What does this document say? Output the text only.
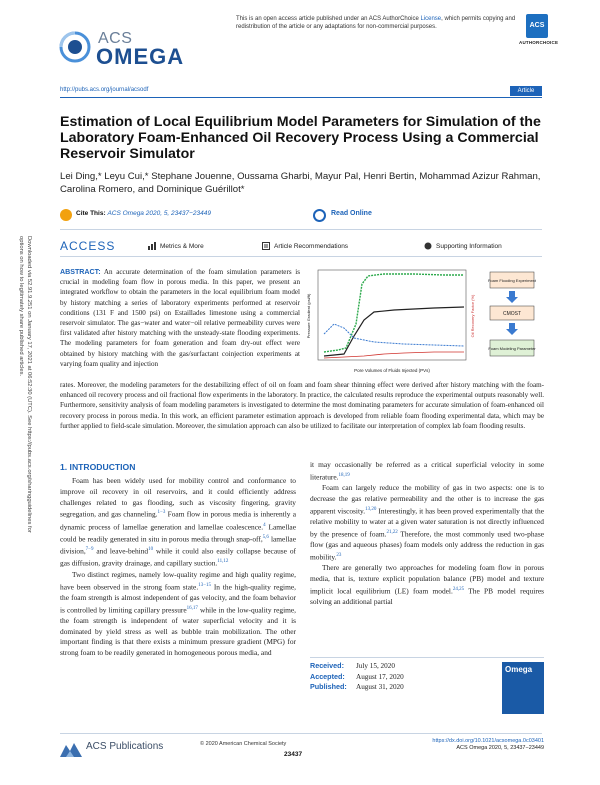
Downloaded via 52.91.9.251 on January 17, 2021 at 06:52:30 (UTC). See https://pubs.acs.org/sharingguidelines for options on how to legitimately share published articles.
ACS
OMEGA
This is an open access article published under an ACS AuthorChoice License, which permits copying and redistribution of the article or any adaptations for non-commercial purposes.	ACS
AUTHORCHOICE
http://pubs.acs.org/journal/acsodf	Article
Estimation of Local Equilibrium Model Parameters for Simulation of the Laboratory Foam-Enhanced Oil Recovery Process Using a Commercial Reservoir Simulator
Lei Ding,* Leyu Cui,* Stephane Jouenne, Oussama Gharbi, Mayur Pal, Henri Bertin, Mohammad Azizur Rahman, Carolina Romero, and Dominique Guérillot*
Cite This: ACS Omega 2020, 5, 23437−23449	Read Online
ACCESS	Metrics & More	Article Recommendations	Supporting Information
ABSTRACT: An accurate determination of the foam simulation parameters is crucial in modeling foam flow in porous media. In this paper, we present an integrated workflow to obtain the parameters in the local equilibrium foam model by history matching a series of laboratory experiments performed at reservoir conditions (131 F and 1500 psi) on Estaillades limestone using a commercial reservoir simulator. The gas−water and water−oil relative permeability curves were first validated after history matching with the unsteady-state flooding experiments. The modeling parameters for foam generation and foam dry-out effect were obtained by history matching with the gas/surfactant coinjection experiments at varying foam quality and injection
rates. Moreover, the modeling parameters for the destabilizing effect of oil on foam and foam shear thinning effect were derived after history matching with the foam-enhanced oil recovery process and oil fractional flow experiments in the laboratory. In practice, the calculated results reproduce the experimental outputs reasonably well. Furthermore, sensitivity analysis of foam modeling parameters is investigated to determine the most dominating parameters for accurate simulation of foam-enhanced oil recovery process in porous media. In this work, an efficient parameter estimation approach is developed from reliable foam flooding experimental data, which may be further applied to field-scale simulation. Moreover, the simulation approach can also be utilized to facilitate our interpretation of complex lab foam flooding results.
Pore Volumes of Fluids Injected (PVs)
Pressure Gradient (psi/ft)	Oil Recovery Factor (%)
Foam Flooding Experiment
CMOST
Foam Modeling Parameter
1. INTRODUCTION

Foam has been widely used for mobility control and conformance to improve oil recovery in oil reservoirs, and it could efficiently address challenges related to gas flooding, such as viscosity fingering, gravity segregation, and gas channeling.$^{1-3}$ Foam flow in porous media is inherently a dynamic process of lamellae generation and lamellae coalescence.$^4$ Lamellae could be readily generated in situ in porous media through snap-off,$^{5,6}$ lamellae division,$^{7-9}$ and leave-behind$^{10}$ while it could also easily collapse because of gas diffusion, gravity drainage, and capillary suction.$^{11,12}$

Two distinct regimes, namely low-quality regime and high quality regime, have been observed in the strong foam state.$^{13-15}$ In the high-quality regime, the foam strength is almost independent of gas velocity, and the foam behavior is controlled by limiting capillary pressure$^{16,17}$ while in the low-quality regime, the foam strength is independent of water superficial velocity and it is dominated by yield stress as well as bubble train mobilization. The other important finding is that there exists a minimum pressure gradient (MPG) for strong foam to be readily generated in homogeneous porous media, and

it may occasionally be referred as a critical superficial velocity in some literature.$^{18,19}$

Foam can largely reduce the mobility of gas in two aspects: one is to decrease the gas relative permeability and the other is to increase the gas apparent viscosity.$^{13,20}$ Interestingly, it has been proved experimentally that the relative mobility to water at a given water saturation is not directly influenced by the presence of foam.$^{21,22}$ Therefore, the most commonly used two-phase flow (gas and aqueous phases) foam models only address the reduction in gas mobility.$^{23}$

There are generally two approaches for modeling foam flow in porous media, that is, texture explicit population balance (PB) model and texture implicit local equilibrium (LE) foam model.$^{24,25}$ The PB model requires solving an additional partial

Received: July 15, 2020
Accepted: August 17, 2020
Published: August 31, 2020
Omega
ACS Publications	© 2020 American Chemical Society
23437
https://dx.doi.org/10.1021/acsomega.0c03401
ACS Omega 2020, 5, 23437−23449
